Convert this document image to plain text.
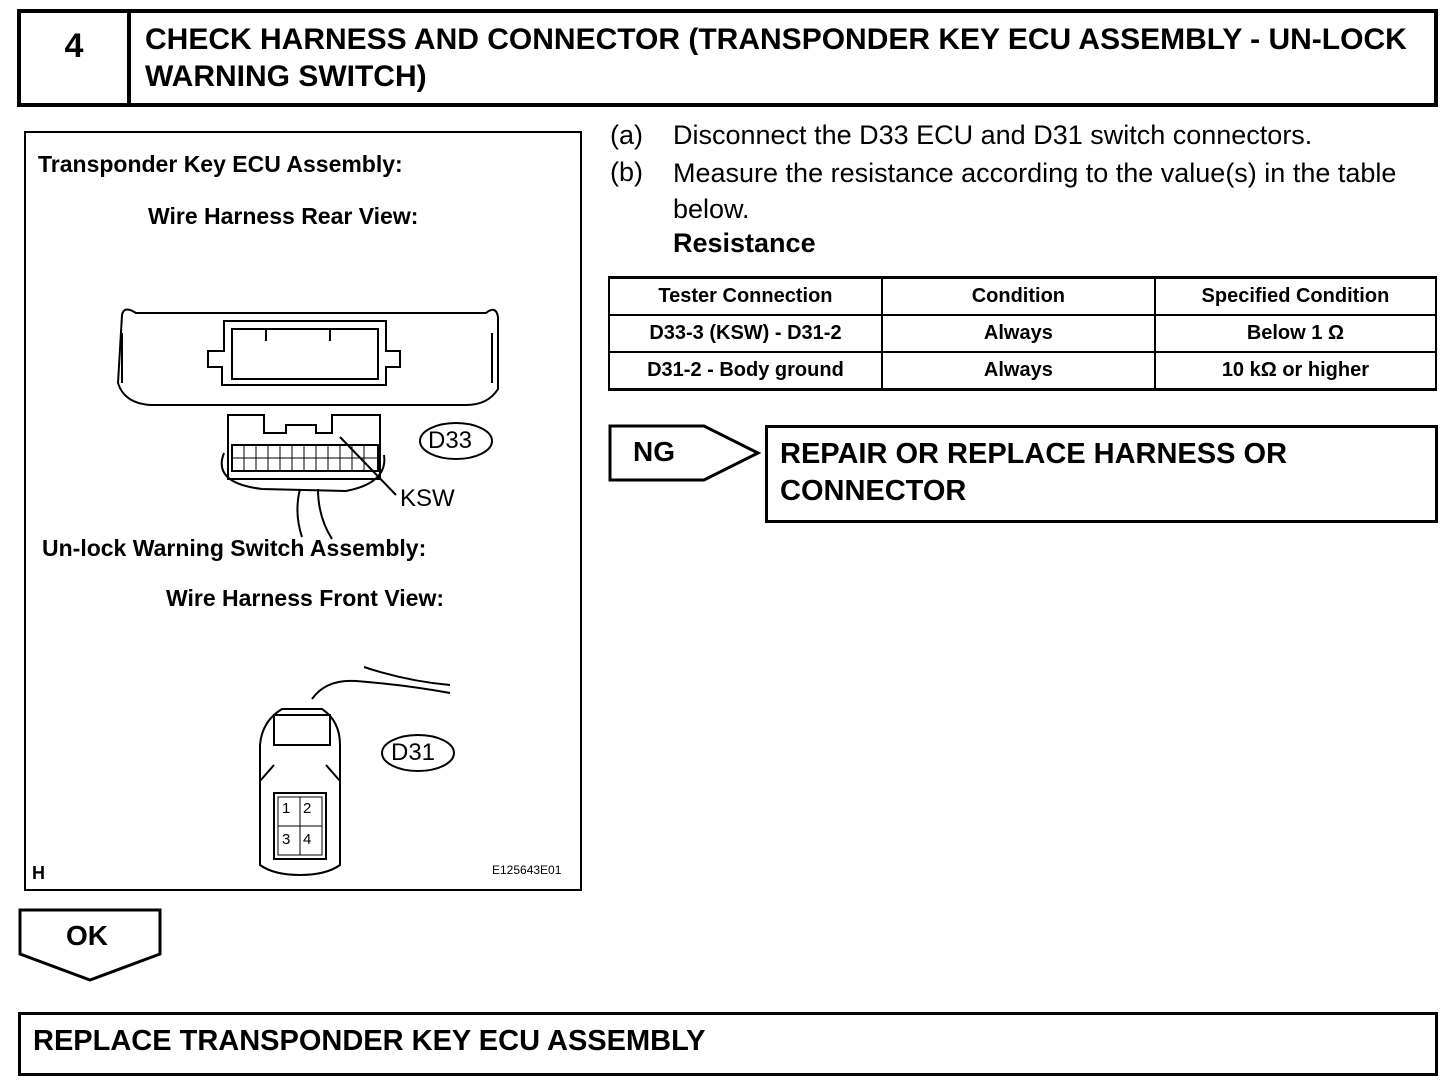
4	CHECK HARNESS AND CONNECTOR (TRANSPONDER KEY ECU ASSEMBLY - UN-LOCK WARNING SWITCH)
Transponder Key ECU Assembly:
Wire Harness Rear View:
D33
KSW
Un-lock Warning Switch Assembly:
Wire Harness Front View:
D31
1 2
3 4
H	E125643E01
(a) Disconnect the D33 ECU and D31 switch connectors.
(b) Measure the resistance according to the value(s) in the table below.
Resistance
Tester Connection	Condition	Specified Condition
D33-3 (KSW) - D31-2	Always	Below 1 Ω
D31-2 - Body ground	Always	10 kΩ or higher
NG	REPAIR OR REPLACE HARNESS OR CONNECTOR
OK
REPLACE TRANSPONDER KEY ECU ASSEMBLY
